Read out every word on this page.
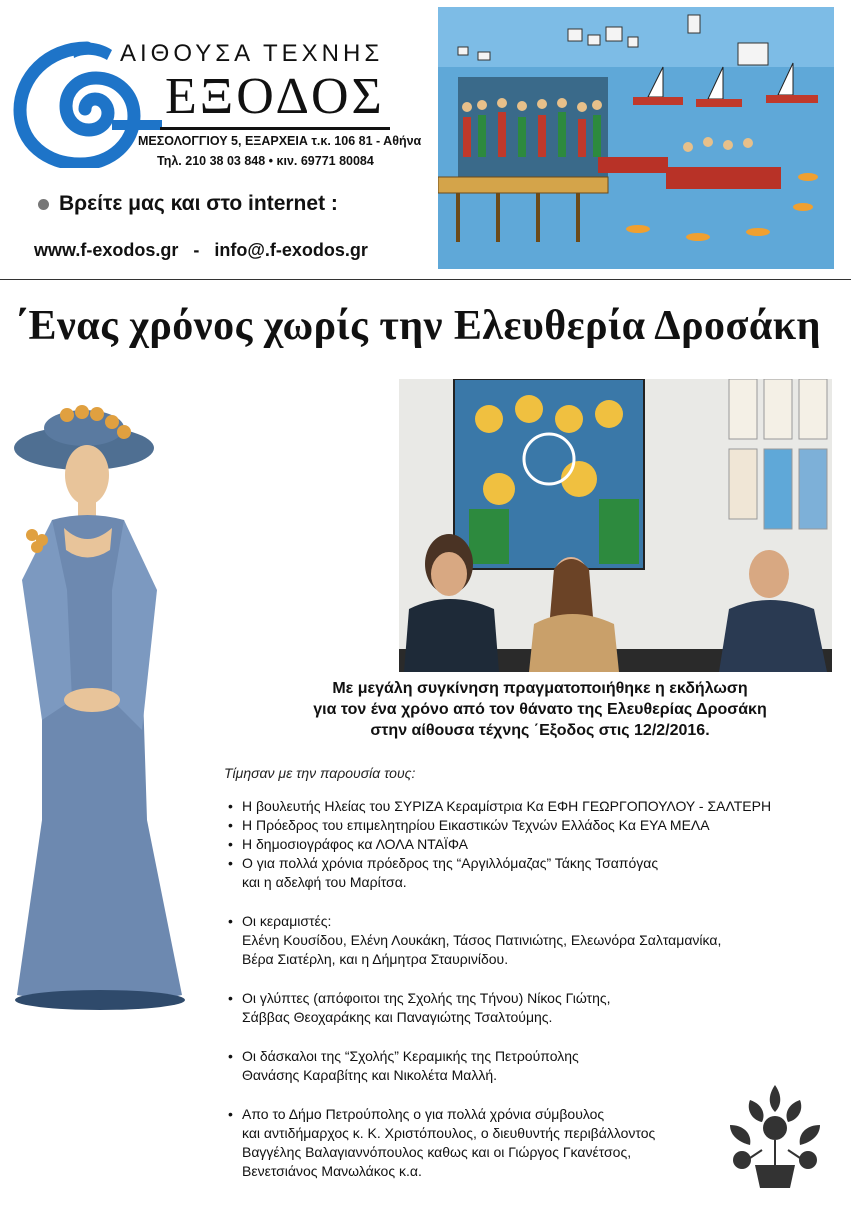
ΑΙΘΟΥΣΑ ΤΕΧΝΗΣ
ΕΞΟΔΟΣ
ΜΕΣΟΛΟΓΓΙΟΥ 5, ΕΞΑΡΧΕΙΑ τ.κ. 106 81 - Αθήνα
Τηλ. 210 38 03 848 • κιν. 69771 80084
Βρείτε μας και στο internet :
www.f-exodos.gr   -   info@.f-exodos.gr
΄Ενας χρόνος χωρίς την Ελευθερία Δροσάκη
Με μεγάλη συγκίνηση πραγματοποιήθηκε η εκδήλωση
για τον ένα χρόνο από τον θάνατο της Ελευθερίας Δροσάκη
στην αίθουσα τέχνης ΄Εξοδος στις 12/2/2016.
Τίμησαν με την παρουσία τους:
• Η βουλευτής Ηλείας του ΣΥΡΙΖΑ Κεραμίστρια Κα ΕΦΗ ΓΕΩΡΓΟΠΟΥΛΟΥ - ΣΑΛΤΕΡΗ
• Η Πρόεδρος του επιμελητηρίου Εικαστικών Τεχνών Ελλάδος Κα ΕΥΑ ΜΕΛΑ
• Η δημοσιογράφος κα ΛΟΛΑ ΝΤΑΪΦΑ
• Ο για πολλά χρόνια πρόεδρος της “Αργιλλόμαζας” Τάκης Τσαπόγας
και η αδελφή του Μαρίτσα.
• Οι κεραμιστές:
Ελένη Κουσίδου, Ελένη Λουκάκη, Τάσος Πατινιώτης, Ελεωνόρα Σαλταμανίκα,
Βέρα Σιατέρλη, και η Δήμητρα Σταυρινίδου.
• Οι γλύπτες (απόφοιτοι της Σχολής της Τήνου) Νίκος Γιώτης,
Σάββας Θεοχαράκης και Παναγιώτης Τσαλτούμης.
• Οι δάσκαλοι της “Σχολής” Κεραμικής της Πετρούπολης
Θανάσης Καραβίτης και Νικολέτα Μαλλή.
• Απο το Δήμο Πετρούπολης ο για πολλά χρόνια σύμβουλος
και αντιδήμαρχος κ. Κ. Χριστόπουλος, ο διευθυντής περιβάλλοντος
Βαγγέλης Βαλαγιαννόπουλος καθως και οι Γιώργος Γκανέτσος,
Βενετσιάνος Μανωλάκος κ.α.
